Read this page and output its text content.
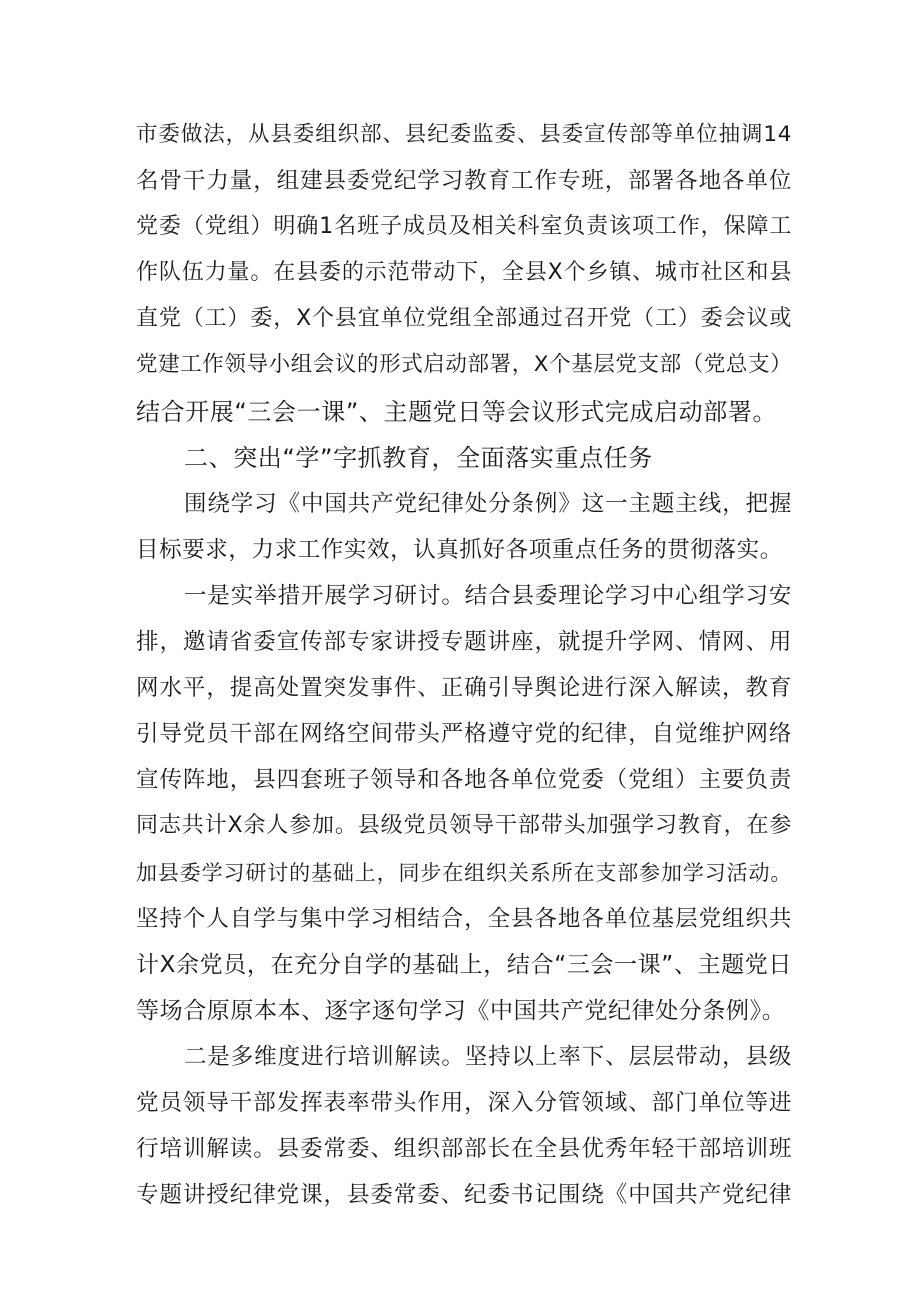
市委做法，从县委组织部、县纪委监委、县委宣传部等单位抽调14
名骨干力量，组建县委党纪学习教育工作专班，部署各地各单位
党委（党组）明确1名班子成员及相关科室负责该项工作，保障工
作队伍力量。在县委的示范带动下，全县X个乡镇、城市社区和县
直党（工）委，X个县宜单位党组全部通过召开党（工）委会议或
党建工作领导小组会议的形式启动部署，X个基层党支部（党总支）
结合开展“三会一课”、主题党日等会议形式完成启动部署。
二、突出“学”字抓教育，全面落实重点任务
围绕学习《中国共产党纪律处分条例》这一主题主线，把握
目标要求，力求工作实效，认真抓好各项重点任务的贯彻落实。
一是实举措开展学习研讨。结合县委理论学习中心组学习安
排，邀请省委宣传部专家讲授专题讲座，就提升学网、情网、用
网水平，提高处置突发事件、正确引导舆论进行深入解读，教育
引导党员干部在网络空间带头严格遵守党的纪律，自觉维护网络
宣传阵地，县四套班子领导和各地各单位党委（党组）主要负责
同志共计X余人参加。县级党员领导干部带头加强学习教育，在参
加县委学习研讨的基础上，同步在组织关系所在支部参加学习活动。
坚持个人自学与集中学习相结合，全县各地各单位基层党组织共
计X余党员，在充分自学的基础上，结合“三会一课”、主题党日
等场合原原本本、逐字逐句学习《中国共产党纪律处分条例》。
二是多维度进行培训解读。坚持以上率下、层层带动，县级
党员领导干部发挥表率带头作用，深入分管领域、部门单位等进
行培训解读。县委常委、组织部部长在全县优秀年轻干部培训班
专题讲授纪律党课，县委常委、纪委书记围绕《中国共产党纪律
